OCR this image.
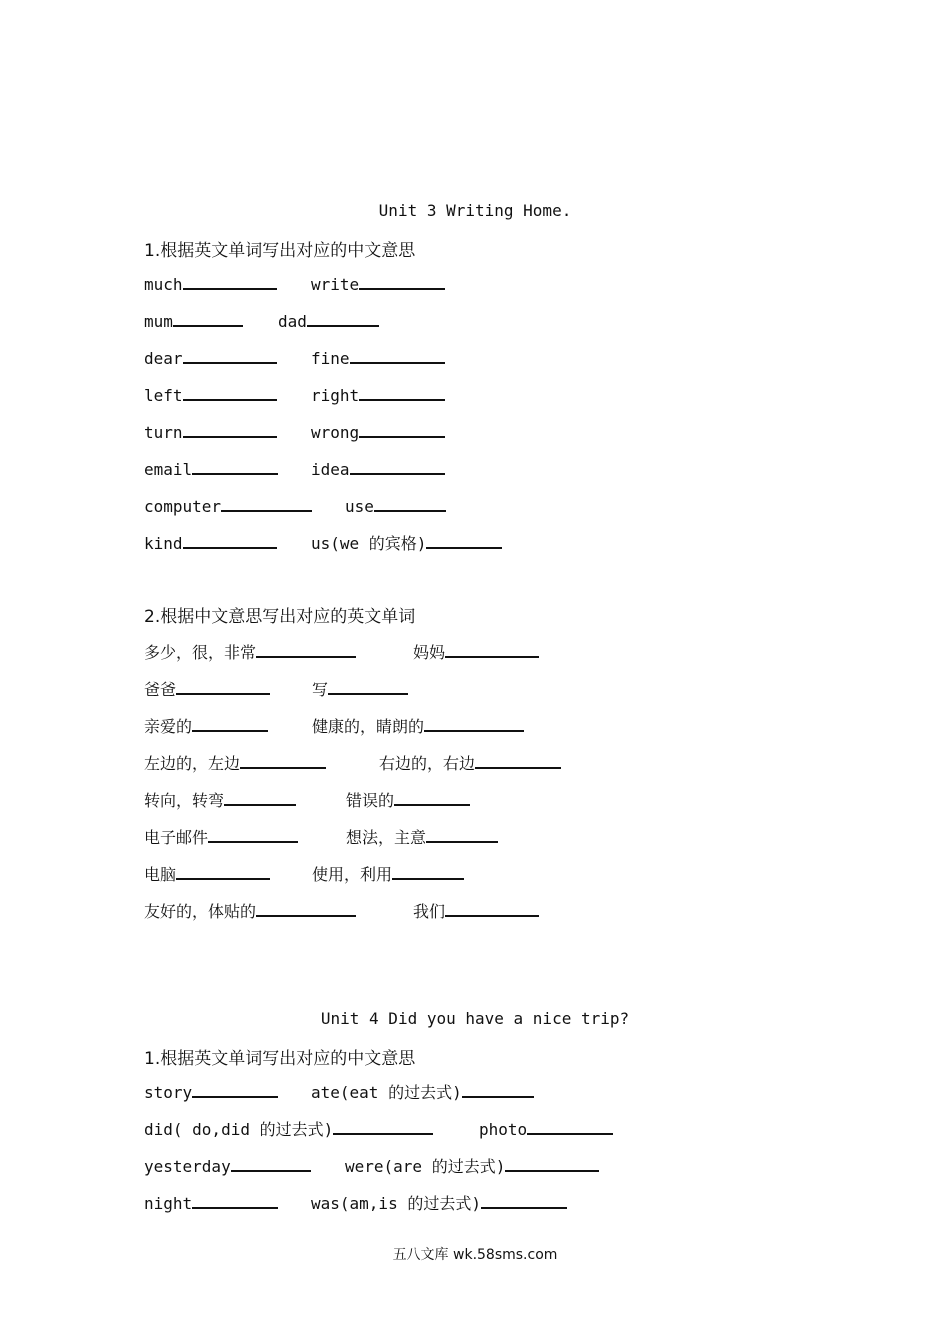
Unit 3 Writing Home.
1.根据英文单词写出对应的中文意思
much	write
mum	dad
dear	fine
left	right
turn	wrong
email	idea
computer	use
kind	us(we 的宾格)
2.根据中文意思写出对应的英文单词
多少，很，非常	妈妈
爸爸	写
亲爱的	健康的，睛朗的
左边的，左边	右边的，右边
转向，转弯	错误的
电子邮件	想法，主意
电脑	使用，利用
友好的，体贴的	我们
Unit 4 Did you have a nice trip?
1.根据英文单词写出对应的中文意思
story	ate(eat 的过去式)
did( do,did 的过去式)	photo
yesterday	were(are 的过去式)
night	was(am,is 的过去式)
五八文库 wk.58sms.com
